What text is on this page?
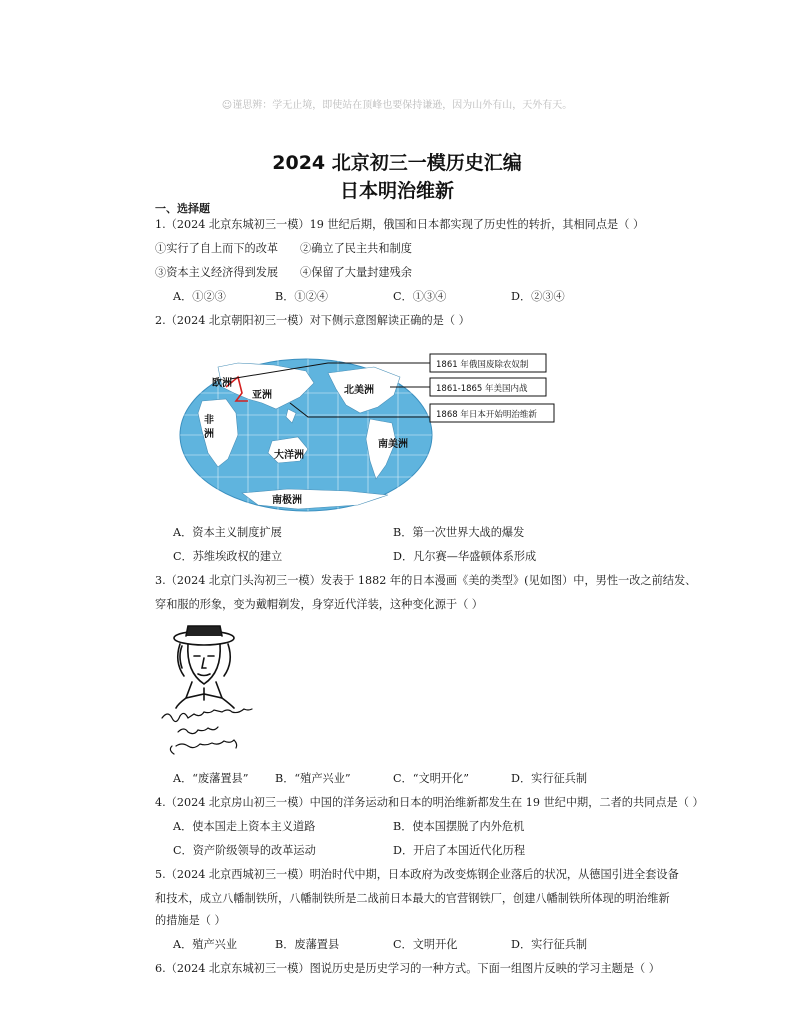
☺谨思辨：学无止境，即使站在顶峰也要保持谦逊，因为山外有山，天外有天。
2024 北京初三一模历史汇编
日本明治维新
一、选择题
1.（2024 北京东城初三一模）19 世纪后期，俄国和日本都实现了历史性的转折，其相同点是（ ）
①实行了自上而下的改革 ②确立了民主共和制度
③资本主义经济得到发展 ④保留了大量封建残余
A．①②③	B．①②④	C．①③④	D．②③④
2.（2024 北京朝阳初三一模）对下侧示意图解读正确的是（ ）
欧洲
亚洲	北美洲
非
洲
大洋洲
南美洲
南极洲
1861 年俄国废除农奴制
1861-1865 年美国内战
1868 年日本开始明治维新
A．资本主义制度扩展	B．第一次世界大战的爆发
C．苏维埃政权的建立	D．凡尔赛—华盛顿体系形成
3.（2024 北京门头沟初三一模）发表于 1882 年的日本漫画《美的类型》(见如图）中，男性一改之前结发、
穿和服的形象，变为戴帽剃发，身穿近代洋装，这种变化源于（ ）
A．“废藩置县” B．“殖产兴业”	C．“文明开化”	D．实行征兵制
4.（2024 北京房山初三一模）中国的洋务运动和日本的明治维新都发生在 19 世纪中期，二者的共同点是（ ）
A．使本国走上资本主义道路	B．使本国摆脱了内外危机
C．资产阶级领导的改革运动	D．开启了本国近代化历程
5.（2024 北京西城初三一模）明治时代中期，日本政府为改变炼钢企业落后的状况，从德国引进全套设备
和技术，成立八幡制铁所，八幡制铁所是二战前日本最大的官营钢铁厂，创建八幡制铁所体现的明治维新
的措施是（ ）
A．殖产兴业	B．废藩置县	C．文明开化	D．实行征兵制
6.（2024 北京东城初三一模）图说历史是历史学习的一种方式。下面一组图片反映的学习主题是（ ）
